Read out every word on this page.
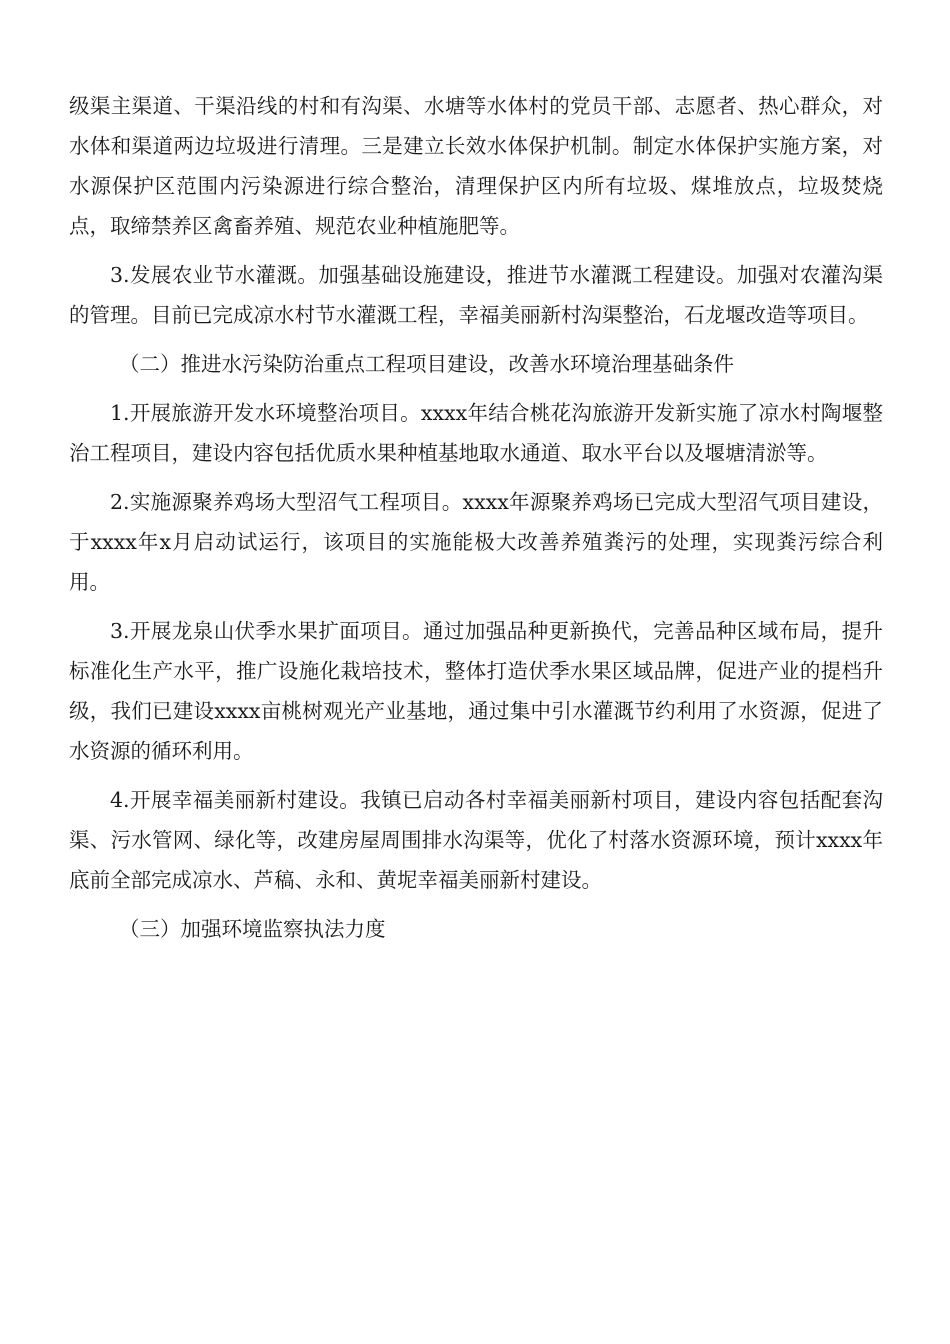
级渠主渠道、干渠沿线的村和有沟渠、水塘等水体村的党员干部、志愿者、热心群众，对水体和渠道两边垃圾进行清理。三是建立长效水体保护机制。制定水体保护实施方案，对水源保护区范围内污染源进行综合整治，清理保护区内所有垃圾、煤堆放点，垃圾焚烧点，取缔禁养区禽畜养殖、规范农业种植施肥等。

3.发展农业节水灌溉。加强基础设施建设，推进节水灌溉工程建设。加强对农灌沟渠的管理。目前已完成凉水村节水灌溉工程，幸福美丽新村沟渠整治，石龙堰改造等项目。

（二）推进水污染防治重点工程项目建设，改善水环境治理基础条件

1.开展旅游开发水环境整治项目。xxxx年结合桃花沟旅游开发新实施了凉水村陶堰整治工程项目，建设内容包括优质水果种植基地取水通道、取水平台以及堰塘清淤等。

2.实施源聚养鸡场大型沼气工程项目。xxxx年源聚养鸡场已完成大型沼气项目建设，于xxxx年x月启动试运行，该项目的实施能极大改善养殖粪污的处理，实现粪污综合利用。

3.开展龙泉山伏季水果扩面项目。通过加强品种更新换代，完善品种区域布局，提升标准化生产水平，推广设施化栽培技术，整体打造伏季水果区域品牌，促进产业的提档升级，我们已建设xxxx亩桃树观光产业基地，通过集中引水灌溉节约利用了水资源，促进了水资源的循环利用。

4.开展幸福美丽新村建设。我镇已启动各村幸福美丽新村项目，建设内容包括配套沟渠、污水管网、绿化等，改建房屋周围排水沟渠等，优化了村落水资源环境，预计xxxx年底前全部完成凉水、芦稿、永和、黄坭幸福美丽新村建设。

（三）加强环境监察执法力度
